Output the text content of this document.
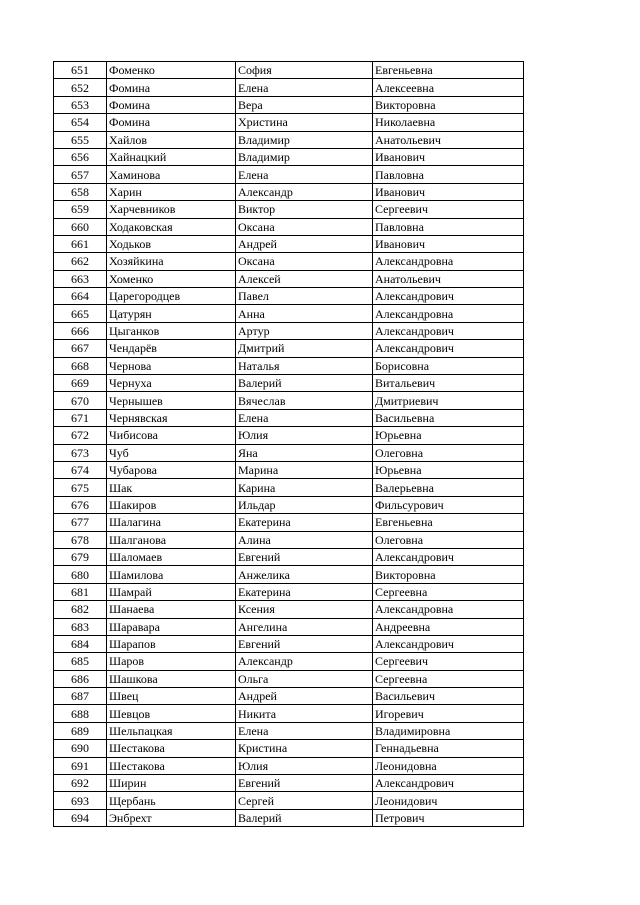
651	Фоменко	София	Евгеньевна
652	Фомина	Елена	Алексеевна
653	Фомина	Вера	Викторовна
654	Фомина	Христина	Николаевна
655	Хайлов	Владимир	Анатольевич
656	Хайнацкий	Владимир	Иванович
657	Хаминова	Елена	Павловна
658	Харин	Александр	Иванович
659	Харчевников	Виктор	Сергеевич
660	Ходаковская	Оксана	Павловна
661	Ходьков	Андрей	Иванович
662	Хозяйкина	Оксана	Александровна
663	Хоменко	Алексей	Анатольевич
664	Царегородцев	Павел	Александрович
665	Цатурян	Анна	Александровна
666	Цыганков	Артур	Александрович
667	Чендарёв	Дмитрий	Александрович
668	Чернова	Наталья	Борисовна
669	Чернуха	Валерий	Витальевич
670	Чернышев	Вячеслав	Дмитриевич
671	Чернявская	Елена	Васильевна
672	Чибисова	Юлия	Юрьевна
673	Чуб	Яна	Олеговна
674	Чубарова	Марина	Юрьевна
675	Шак	Карина	Валерьевна
676	Шакиров	Ильдар	Фильсурович
677	Шалагина	Екатерина	Евгеньевна
678	Шалганова	Алина	Олеговна
679	Шаломаев	Евгений	Александрович
680	Шамилова	Анжелика	Викторовна
681	Шамрай	Екатерина	Сергеевна
682	Шанаева	Ксения	Александровна
683	Шаравара	Ангелина	Андреевна
684	Шарапов	Евгений	Александрович
685	Шаров	Александр	Сергеевич
686	Шашкова	Ольга	Сергеевна
687	Швец	Андрей	Васильевич
688	Шевцов	Никита	Игоревич
689	Шельпацкая	Елена	Владимировна
690	Шестакова	Кристина	Геннадьевна
691	Шестакова	Юлия	Леонидовна
692	Ширин	Евгений	Александрович
693	Щербань	Сергей	Леонидович
694	Энбрехт	Валерий	Петрович
